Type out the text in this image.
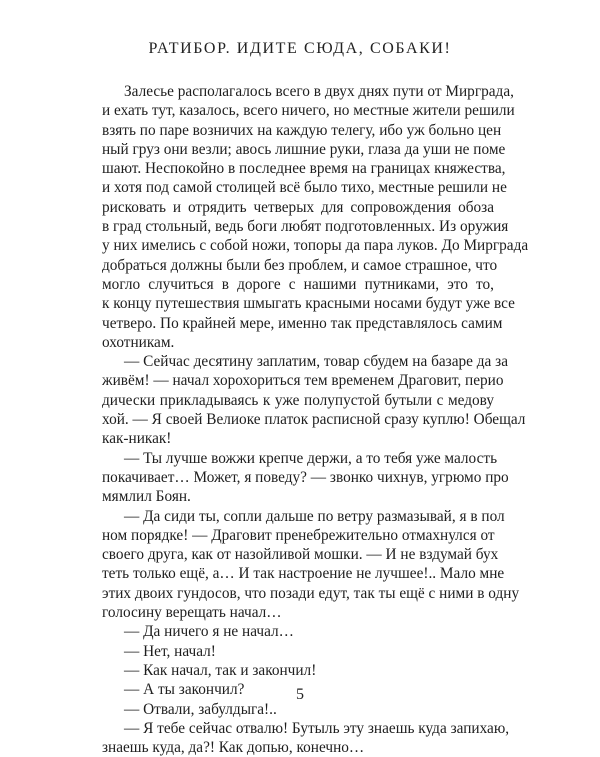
РАТИБОР. ИДИТЕ СЮДА, СОБАКИ!
Залесье располагалось всего в двух днях пути от Мирграда,
и ехать тут, казалось, всего ничего, но местные жители решили
взять по паре возничих на каждую телегу, ибо уж больно цен
ный груз они везли; авось лишние руки, глаза да уши не поме
шают. Неспокойно в последнее время на границах княжества,
и хотя под самой столицей всё было тихо, местные решили не
рисковать и отрядить четверых для сопровождения обоза
в град стольный, ведь боги любят подготовленных. Из оружия
у них имелись с собой ножи, топоры да пара луков. До Мирграда
добраться должны были без проблем, и самое страшное, что
могло случиться в дороге с нашими путниками, это то,
к концу путешествия шмыгать красными носами будут уже все
четверо. По крайней мере, именно так представлялось самим
охотникам.
— Сейчас десятину заплатим, товар сбудем на базаре да за
живём! — начал хорохориться тем временем Драговит, перио
дически прикладываясь к уже полупустой бутыли с медову
хой. — Я своей Велиоке платок расписной сразу куплю! Обещал
как-никак!
— Ты лучше вожжи крепче держи, а то тебя уже малость
покачивает… Может, я поведу? — звонко чихнув, угрюмо про
мямлил Боян.
— Да сиди ты, сопли дальше по ветру размазывай, я в пол
ном порядке! — Драговит пренебрежительно отмахнулся от
своего друга, как от назойливой мошки. — И не вздумай бух
теть только ещё, а… И так настроение не лучшее!.. Мало мне
этих двоих гундосов, что позади едут, так ты ещё с ними в одну
голосину верещать начал…
— Да ничего я не начал…
— Нет, начал!
— Как начал, так и закончил!
— А ты закончил?
— Отвали, забулдыга!..
— Я тебе сейчас отвалю! Бутыль эту знаешь куда запихаю,
знаешь куда, да?! Как допью, конечно…
5
